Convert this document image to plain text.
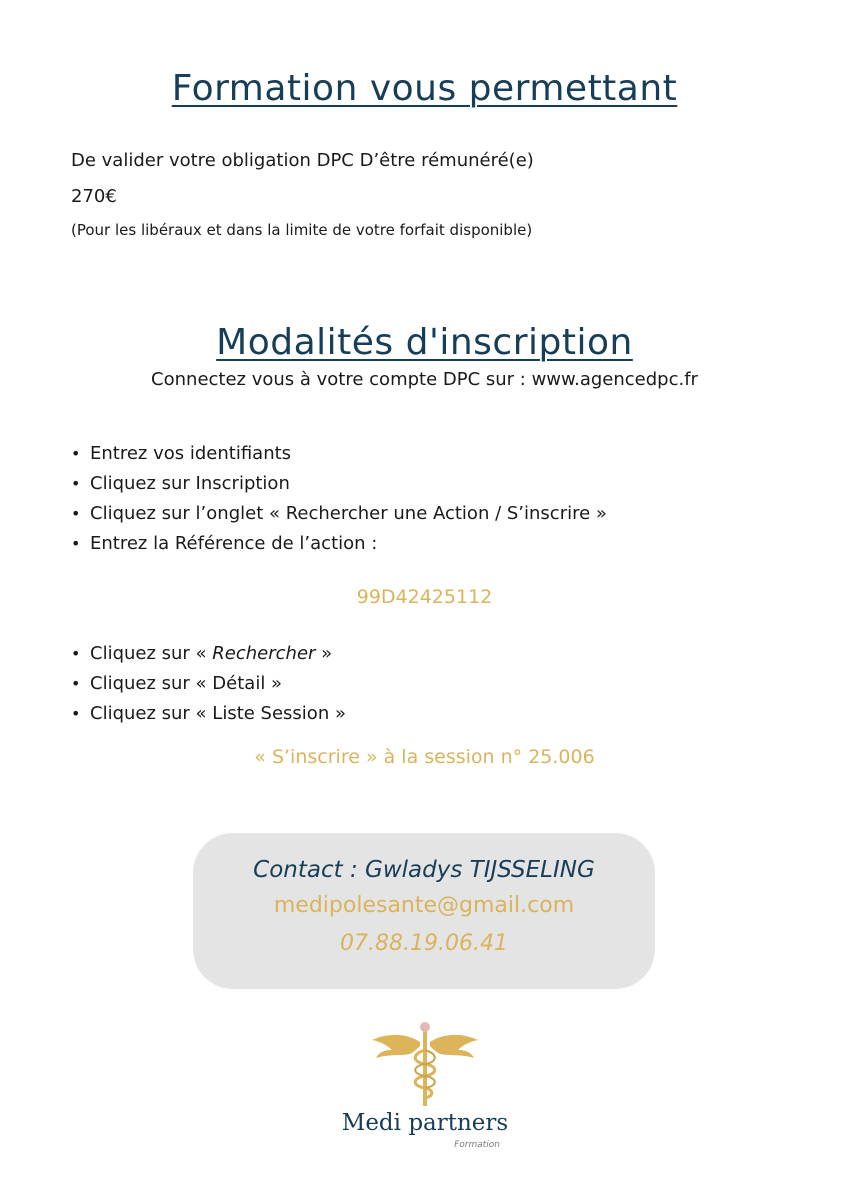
Formation vous permettant
De valider votre obligation DPC D’être rémunéré(e)
270€
(Pour les libéraux et dans la limite de votre forfait disponible)
Modalités d'inscription
Connectez vous à votre compte DPC sur : www.agencedpc.fr
• Entrez vos identifiants
• Cliquez sur Inscription
• Cliquez sur l’onglet « Rechercher une Action / S’inscrire »
• Entrez la Référence de l’action :
99D42425112
• Cliquez sur « Rechercher »
• Cliquez sur « Détail »
• Cliquez sur « Liste Session »
« S’inscrire » à la session n° 25.006
Contact : Gwladys TIJSSELING
medipolesante@gmail.com
07.88.19.06.41
Medi partners
Formation
